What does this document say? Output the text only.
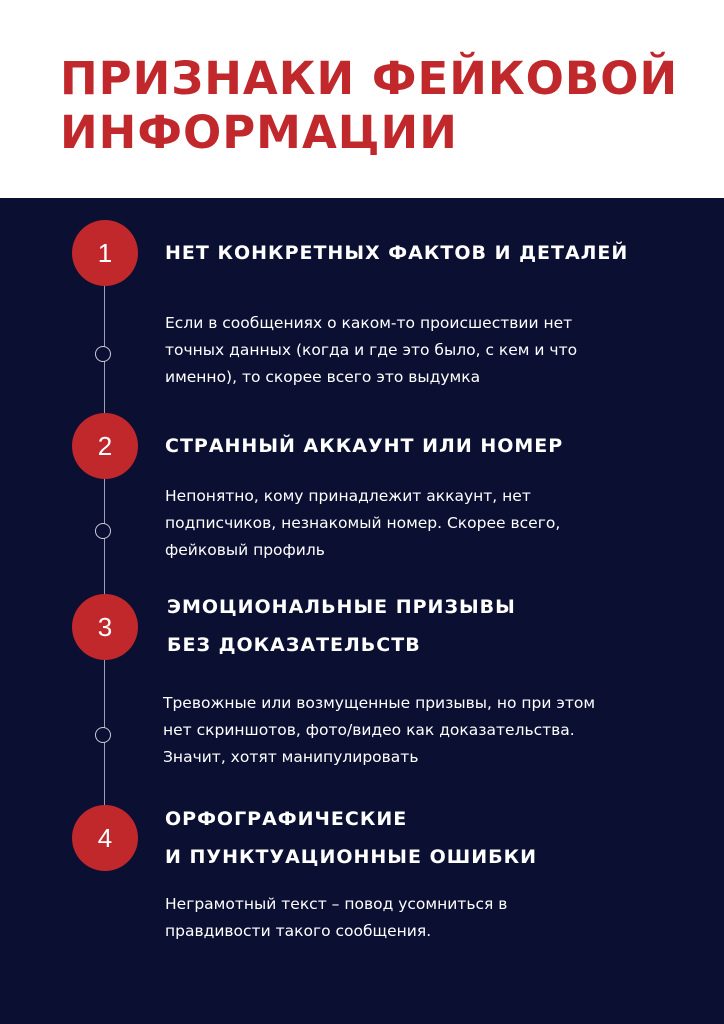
ПРИЗНАКИ ФЕЙКОВОЙ
ИНФОРМАЦИИ
1	НЕТ КОНКРЕТНЫХ ФАКТОВ И ДЕТАЛЕЙ

Если в сообщениях о каком-то происшествии нет
точных данных (когда и где это было, с кем и что
именно), то скорее всего это выдумка

2	СТРАННЫЙ АККАУНТ ИЛИ НОМЕР

Непонятно, кому принадлежит аккаунт, нет
подписчиков, незнакомый номер. Скорее всего,
фейковый профиль

3
ЭМОЦИОНАЛЬНЫЕ ПРИЗЫВЫ
БЕЗ ДОКАЗАТЕЛЬСТВ

Тревожные или возмущенные призывы, но при этом
нет скриншотов, фото/видео как доказательства.
Значит, хотят манипулировать

4
ОРФОГРАФИЧЕСКИЕ
И ПУНКТУАЦИОННЫЕ ОШИБКИ

Неграмотный текст – повод усомниться в
правдивости такого сообщения.
